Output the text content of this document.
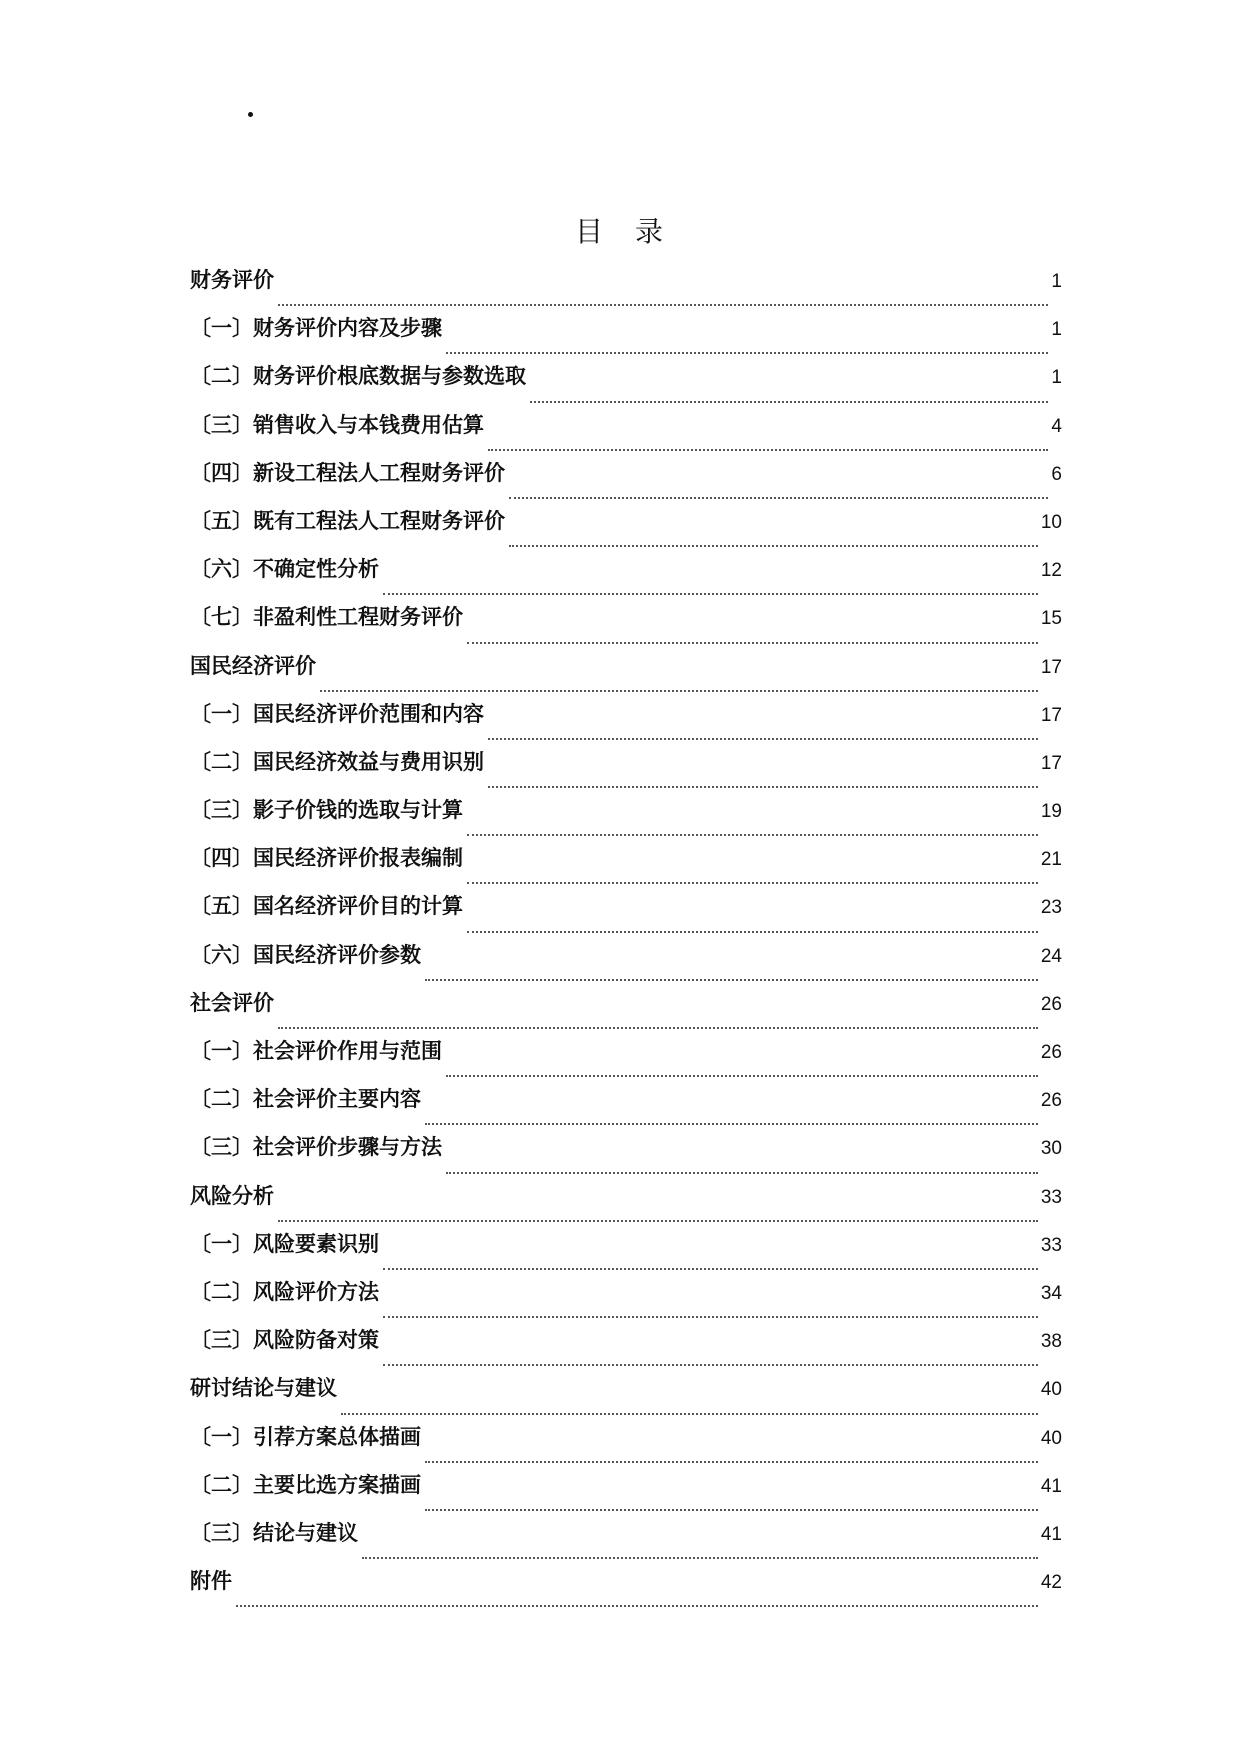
目　录
财务评价	1
〔一〕财务评价内容及步骤	1
〔二〕财务评价根底数据与参数选取	1
〔三〕销售收入与本钱费用估算	4
〔四〕新设工程法人工程财务评价	6
〔五〕既有工程法人工程财务评价	10
〔六〕不确定性分析	12
〔七〕非盈利性工程财务评价	15
国民经济评价	17
〔一〕国民经济评价范围和内容	17
〔二〕国民经济效益与费用识别	17
〔三〕影子价钱的选取与计算	19
〔四〕国民经济评价报表编制	21
〔五〕国名经济评价目的计算	23
〔六〕国民经济评价参数	24
社会评价	26
〔一〕社会评价作用与范围	26
〔二〕社会评价主要内容	26
〔三〕社会评价步骤与方法	30
风险分析	33
〔一〕风险要素识别	33
〔二〕风险评价方法	34
〔三〕风险防备对策	38
研讨结论与建议	40
〔一〕引荐方案总体描画	40
〔二〕主要比选方案描画	41
〔三〕结论与建议	41
附件	42
